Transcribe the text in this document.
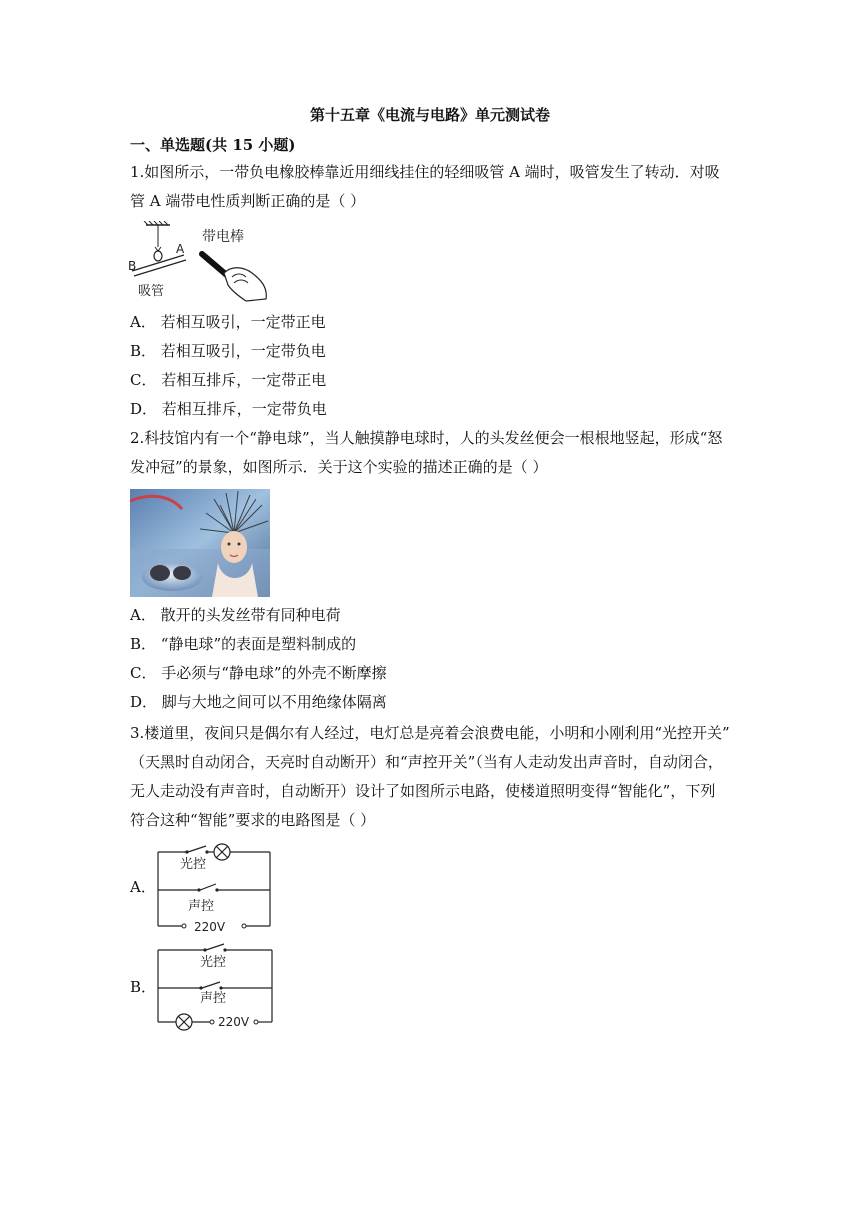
第十五章《电流与电路》单元测试卷
一、单选题(共 15 小题)
1.如图所示，一带负电橡胶棒靠近用细线挂住的轻细吸管 A 端时，吸管发生了转动．对吸
管 A 端带电性质判断正确的是（ ）
B
A
吸管
带电棒
A． 若相互吸引，一定带正电
B． 若相互吸引，一定带负电
C． 若相互排斥，一定带正电
D． 若相互排斥，一定带负电
2.科技馆内有一个“静电球”，当人触摸静电球时，人的头发丝便会一根根地竖起，形成“怒
发冲冠”的景象，如图所示．关于这个实验的描述正确的是（ ）
A． 散开的头发丝带有同种电荷
B． “静电球”的表面是塑料制成的
C． 手必须与“静电球”的外壳不断摩擦
D． 脚与大地之间可以不用绝缘体隔离
3.楼道里，夜间只是偶尔有人经过，电灯总是亮着会浪费电能，小明和小刚利用“光控开关”
（天黑时自动闭合，天亮时自动断开）和“声控开关”（当有人走动发出声音时，自动闭合，
无人走动没有声音时，自动断开）设计了如图所示电路，使楼道照明变得“智能化”，下列
符合这种“智能”要求的电路图是（ ）
A．
光控
声控
220V
B．
光控
声控
220V
